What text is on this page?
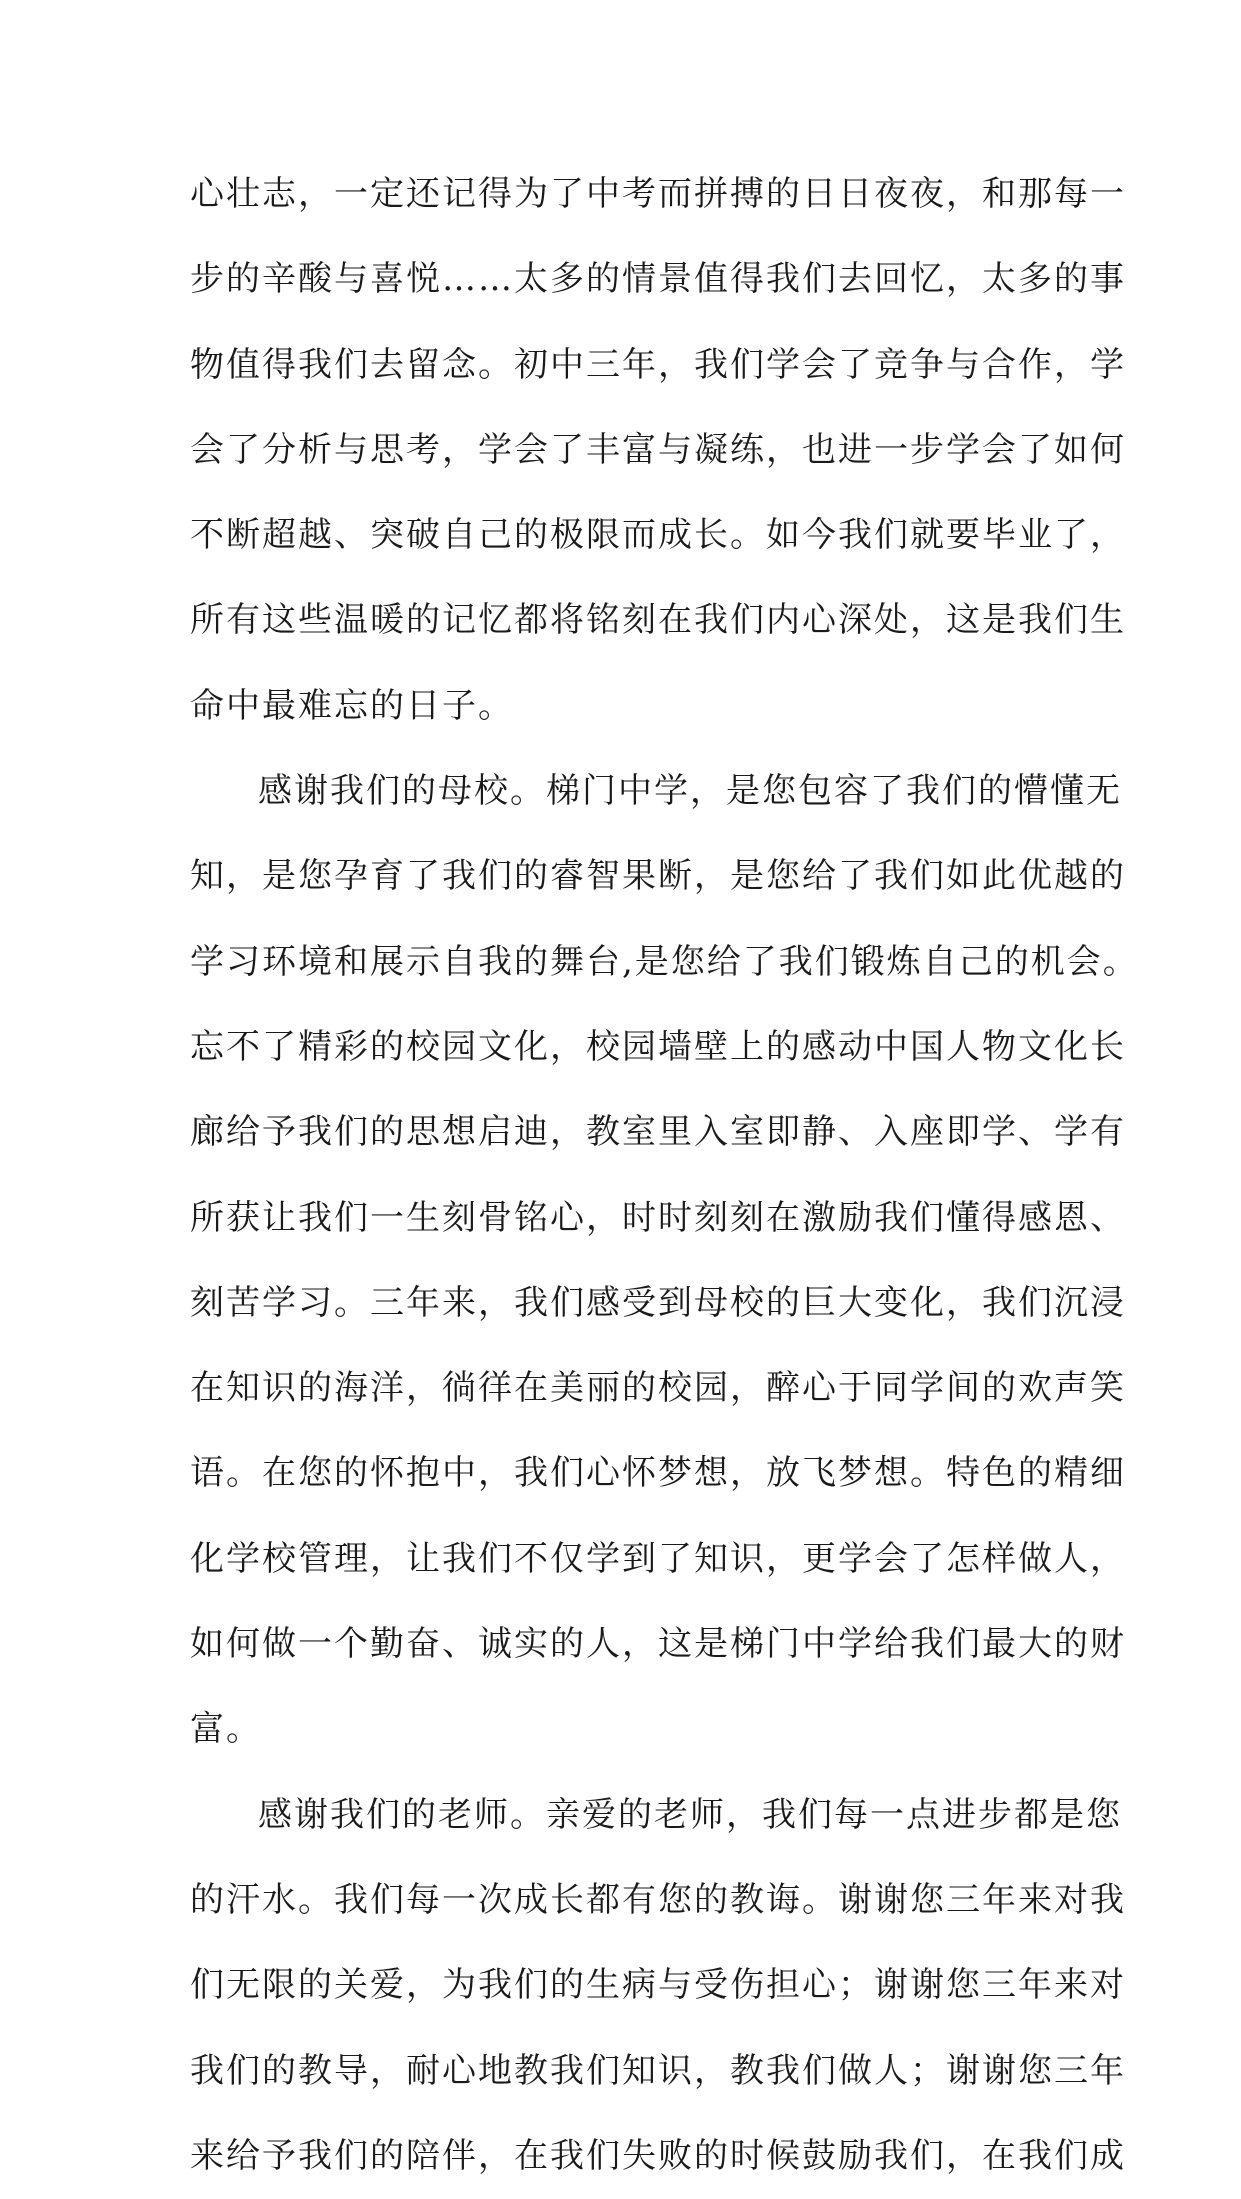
心壮志，一定还记得为了中考而拼搏的日日夜夜，和那每一
步的辛酸与喜悦……太多的情景值得我们去回忆，太多的事
物值得我们去留念。初中三年，我们学会了竞争与合作，学
会了分析与思考，学会了丰富与凝练，也进一步学会了如何
不断超越、突破自己的极限而成长。如今我们就要毕业了，
所有这些温暖的记忆都将铭刻在我们内心深处，这是我们生
命中最难忘的日子。
感谢我们的母校。梯门中学，是您包容了我们的懵懂无
知，是您孕育了我们的睿智果断，是您给了我们如此优越的
学习环境和展示自我的舞台,是您给了我们锻炼自己的机会。
忘不了精彩的校园文化，校园墙壁上的感动中国人物文化长
廊给予我们的思想启迪，教室里入室即静、入座即学、学有
所获让我们一生刻骨铭心，时时刻刻在激励我们懂得感恩、
刻苦学习。三年来，我们感受到母校的巨大变化，我们沉浸
在知识的海洋，徜徉在美丽的校园，醉心于同学间的欢声笑
语。在您的怀抱中，我们心怀梦想，放飞梦想。特色的精细
化学校管理，让我们不仅学到了知识，更学会了怎样做人，
如何做一个勤奋、诚实的人，这是梯门中学给我们最大的财
富。
感谢我们的老师。亲爱的老师，我们每一点进步都是您
的汗水。我们每一次成长都有您的教诲。谢谢您三年来对我
们无限的关爱，为我们的生病与受伤担心；谢谢您三年来对
我们的教导，耐心地教我们知识，教我们做人；谢谢您三年
来给予我们的陪伴，在我们失败的时候鼓励我们，在我们成
